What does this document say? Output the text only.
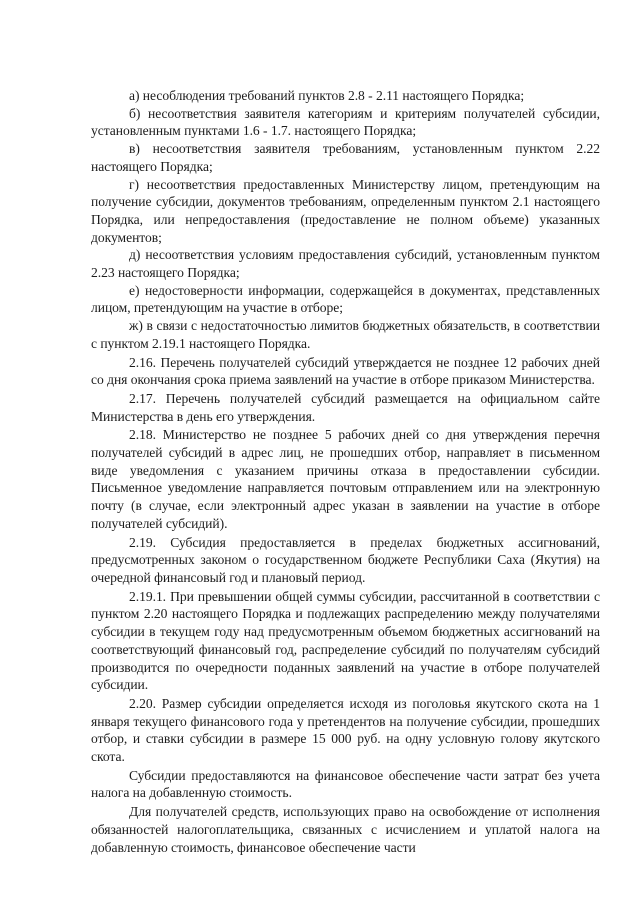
а) несоблюдения требований пунктов 2.8 - 2.11 настоящего Порядка;

б) несоответствия заявителя категориям и критериям получателей субсидии, установленным пунктами 1.6 - 1.7. настоящего Порядка;

в) несоответствия заявителя требованиям, установленным пунктом 2.22 настоящего Порядка;

г) несоответствия предоставленных Министерству лицом, претендующим на получение субсидии, документов требованиям, определенным пунктом 2.1 настоящего Порядка, или непредоставления (предоставление не полном объеме) указанных документов;

д) несоответствия условиям предоставления субсидий, установленным пунктом 2.23 настоящего Порядка;

е) недостоверности информации, содержащейся в документах, представленных лицом, претендующим на участие в отборе;

ж) в связи с недостаточностью лимитов бюджетных обязательств, в соответствии с пунктом 2.19.1 настоящего Порядка.

2.16. Перечень получателей субсидий утверждается не позднее 12 рабочих дней со дня окончания срока приема заявлений на участие в отборе приказом Министерства.

2.17. Перечень получателей субсидий размещается на официальном сайте Министерства в день его утверждения.

2.18. Министерство не позднее 5 рабочих дней со дня утверждения перечня получателей субсидий в адрес лиц, не прошедших отбор, направляет в письменном виде уведомления с указанием причины отказа в предоставлении субсидии. Письменное уведомление направляется почтовым отправлением или на электронную почту (в случае, если электронный адрес указан в заявлении на участие в отборе получателей субсидий).

2.19. Субсидия предоставляется в пределах бюджетных ассигнований, предусмотренных законом о государственном бюджете Республики Саха (Якутия) на очередной финансовый год и плановый период.

2.19.1. При превышении общей суммы субсидии, рассчитанной в соответствии с пунктом 2.20 настоящего Порядка и подлежащих распределению между получателями субсидии в текущем году над предусмотренным объемом бюджетных ассигнований на соответствующий финансовый год, распределение субсидий по получателям субсидий производится по очередности поданных заявлений на участие в отборе получателей субсидии.

2.20. Размер субсидии определяется исходя из поголовья якутского скота на 1 января текущего финансового года у претендентов на получение субсидии, прошедших отбор, и ставки субсидии в размере 15 000 руб. на одну условную голову якутского скота.

Субсидии предоставляются на финансовое обеспечение части затрат без учета налога на добавленную стоимость.

Для получателей средств, использующих право на освобождение от исполнения обязанностей налогоплательщика, связанных с исчислением и уплатой налога на добавленную стоимость, финансовое обеспечение части
